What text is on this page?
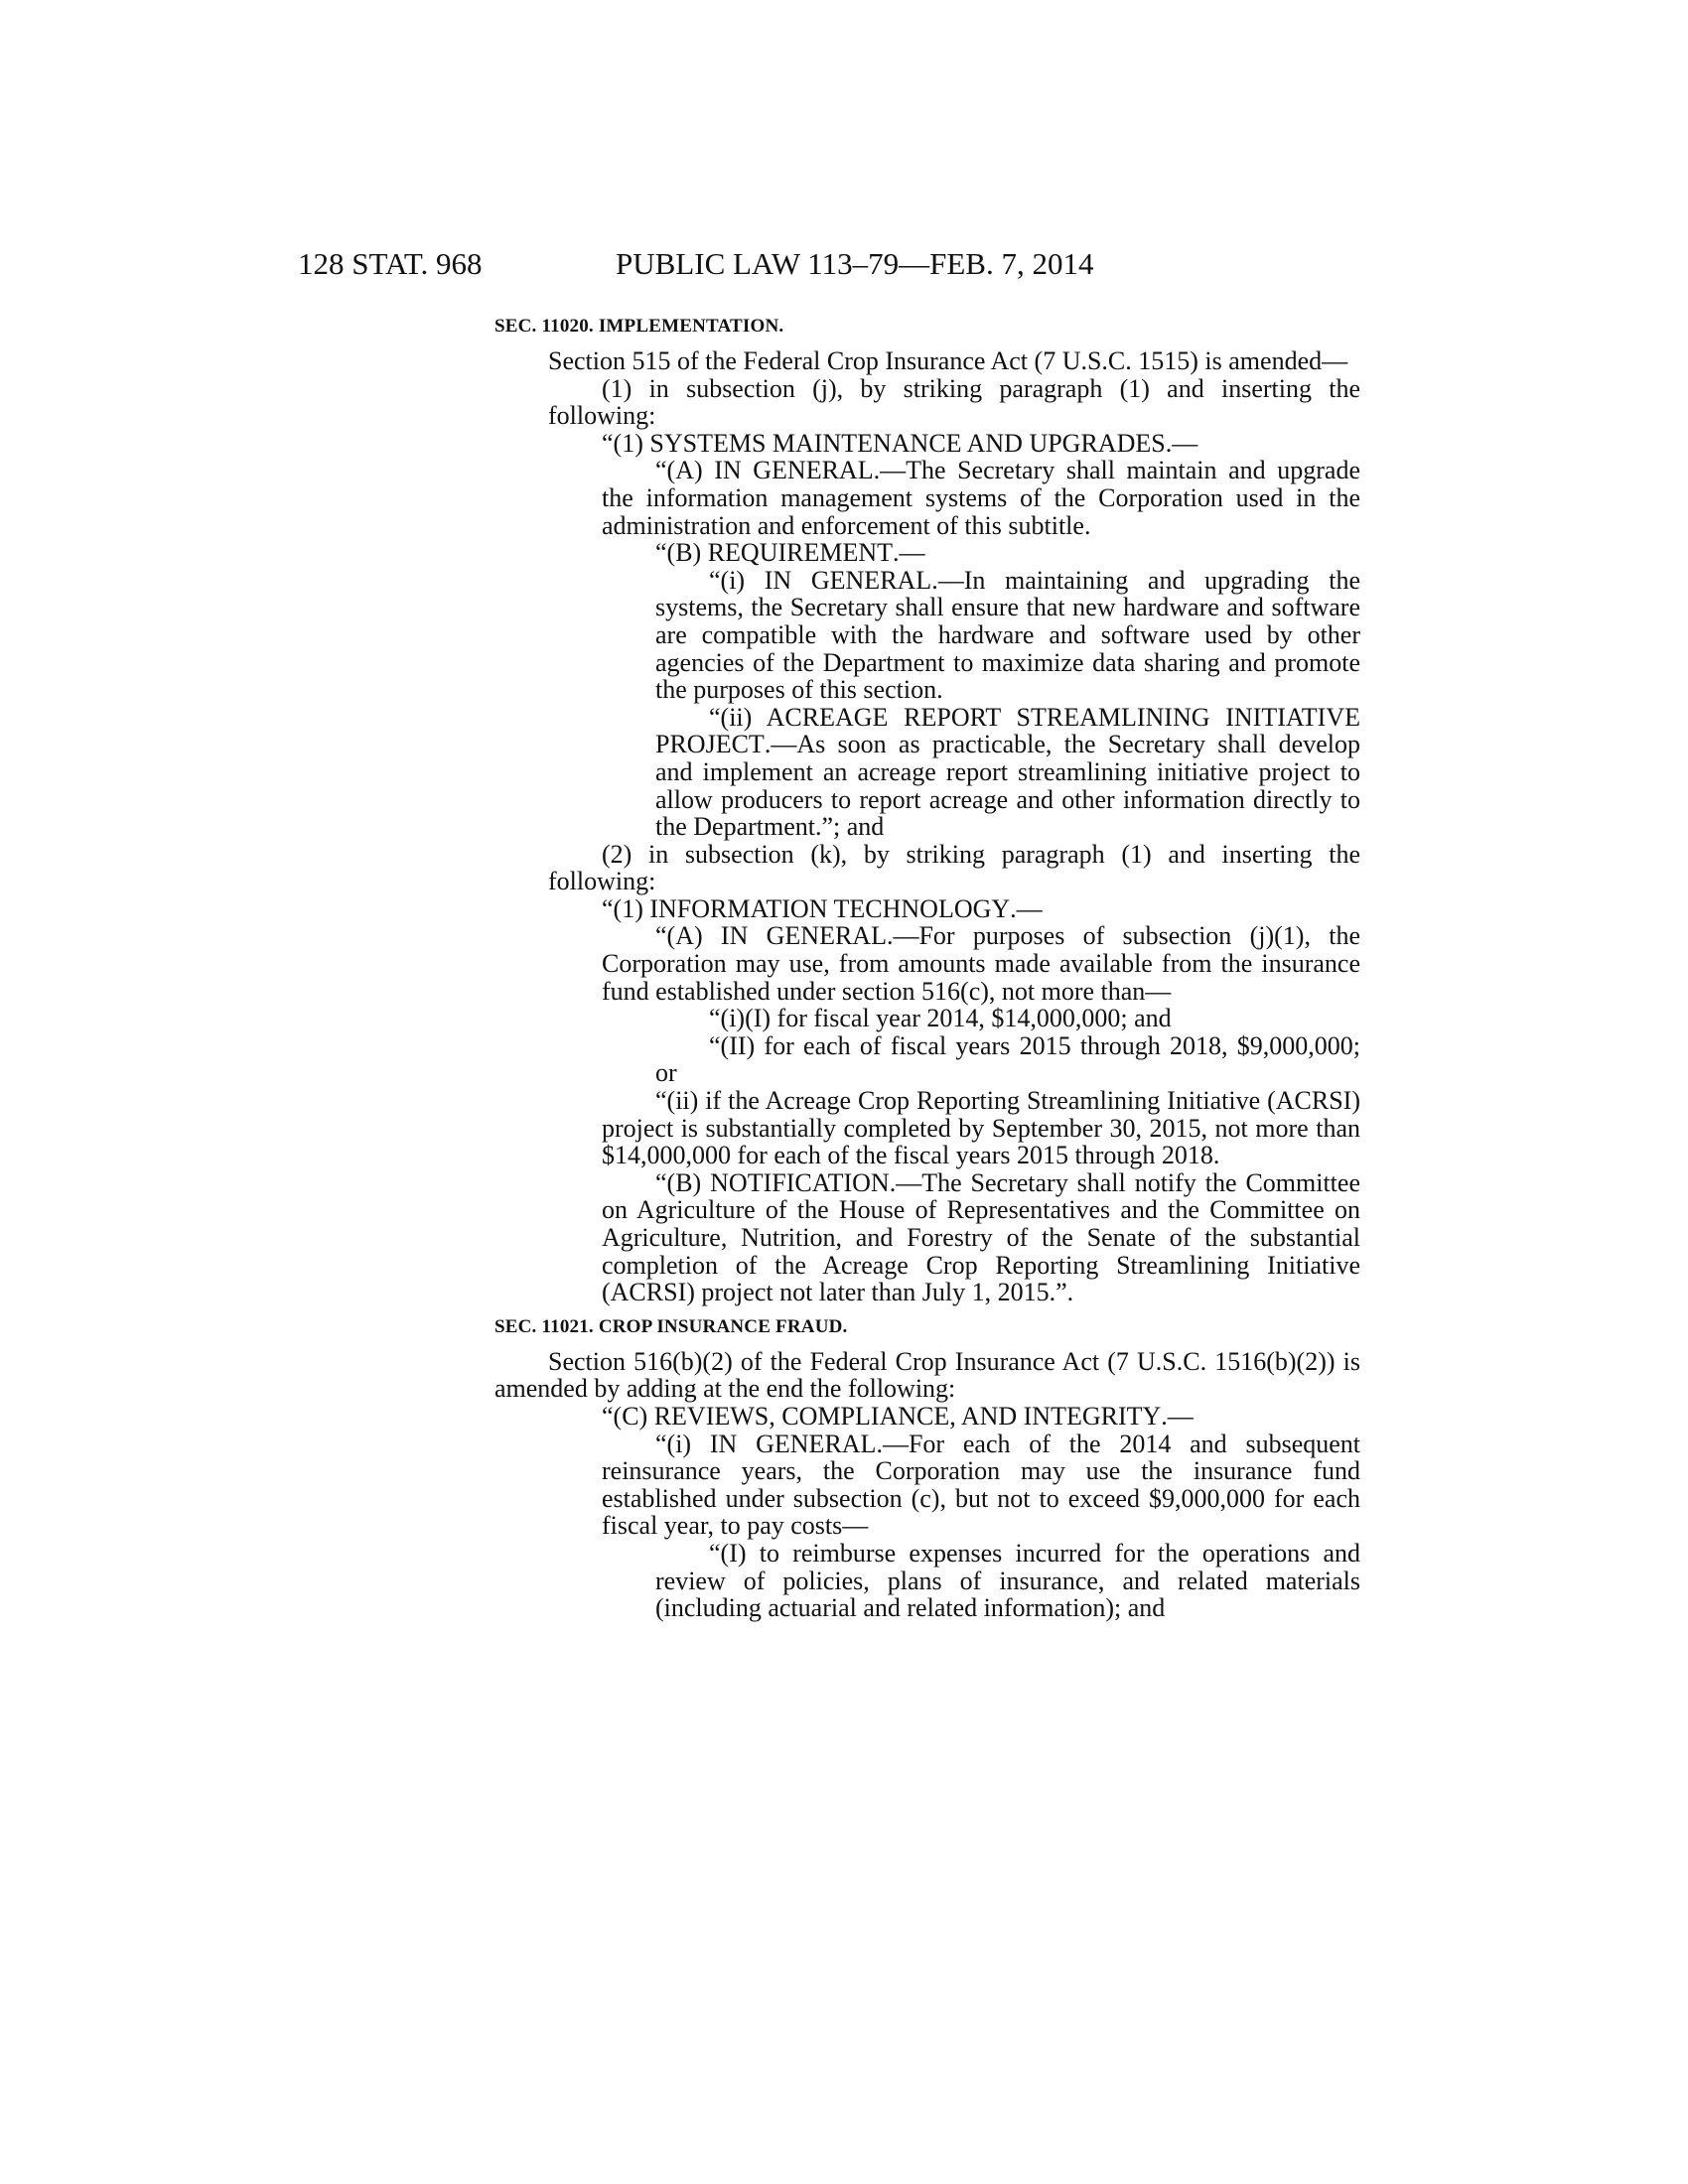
128 STAT. 968	PUBLIC LAW 113–79—FEB. 7, 2014
SEC. 11020. IMPLEMENTATION.

Section 515 of the Federal Crop Insurance Act (7 U.S.C. 1515) is amended—

(1) in subsection (j), by striking paragraph (1) and inserting the following:

“(1) SYSTEMS MAINTENANCE AND UPGRADES.—

“(A) IN GENERAL.—The Secretary shall maintain and upgrade the information management systems of the Corporation used in the administration and enforcement of this subtitle.

“(B) REQUIREMENT.—

“(i) IN GENERAL.—In maintaining and upgrading the systems, the Secretary shall ensure that new hardware and software are compatible with the hardware and software used by other agencies of the Department to maximize data sharing and promote the purposes of this section.

“(ii) ACREAGE REPORT STREAMLINING INITIATIVE PROJECT.—As soon as practicable, the Secretary shall develop and implement an acreage report streamlining initiative project to allow producers to report acreage and other information directly to the Department.”; and

(2) in subsection (k), by striking paragraph (1) and inserting the following:

“(1) INFORMATION TECHNOLOGY.—

“(A) IN GENERAL.—For purposes of subsection (j)(1), the Corporation may use, from amounts made available from the insurance fund established under section 516(c), not more than—

“(i)(I) for fiscal year 2014, $14,000,000; and

“(II) for each of fiscal years 2015 through 2018, $9,000,000; or

“(ii) if the Acreage Crop Reporting Streamlining Initiative (ACRSI) project is substantially completed by September 30, 2015, not more than $14,000,000 for each of the fiscal years 2015 through 2018.

“(B) NOTIFICATION.—The Secretary shall notify the Committee on Agriculture of the House of Representatives and the Committee on Agriculture, Nutrition, and Forestry of the Senate of the substantial completion of the Acreage Crop Reporting Streamlining Initiative (ACRSI) project not later than July 1, 2015.”.

SEC. 11021. CROP INSURANCE FRAUD.

Section 516(b)(2) of the Federal Crop Insurance Act (7 U.S.C. 1516(b)(2)) is amended by adding at the end the following:

“(C) REVIEWS, COMPLIANCE, AND INTEGRITY.—

“(i) IN GENERAL.—For each of the 2014 and subsequent reinsurance years, the Corporation may use the insurance fund established under subsection (c), but not to exceed $9,000,000 for each fiscal year, to pay costs—

“(I) to reimburse expenses incurred for the operations and review of policies, plans of insurance, and related materials (including actuarial and related information); and
